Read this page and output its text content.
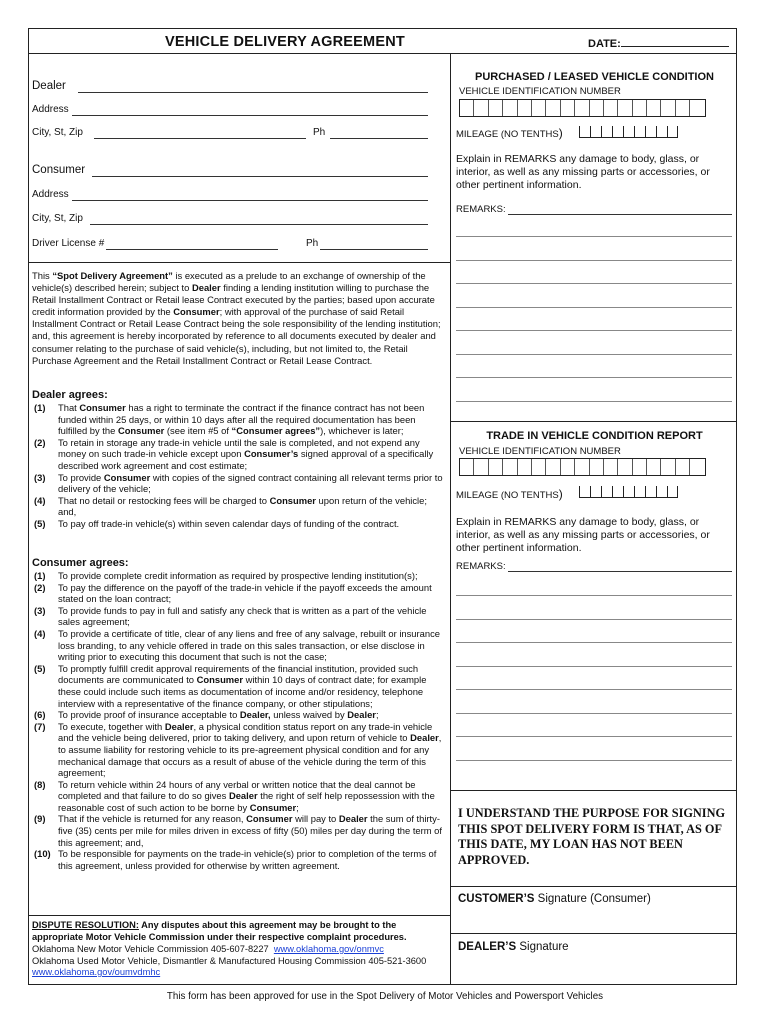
VEHICLE DELIVERY AGREEMENT	DATE:
Dealer
Address
City, St, Zip	Ph
Consumer
Address
City, St, Zip
Driver License #	Ph
This “Spot Delivery Agreement” is executed as a prelude to an exchange of ownership of the vehicle(s) described herein; subject to Dealer finding a lending institution willing to purchase the Retail Installment Contract or Retail lease Contract executed by the parties; based upon accurate credit information provided by the Consumer; with approval of the purchase of said Retail Installment Contract or Retail Lease Contract being the sole responsibility of the lending institution; and, this agreement is hereby incorporated by reference to all documents executed by dealer and consumer relating to the purchase of said vehicle(s), including, but not limited to, the Retail Purchase Agreement and the Retail Installment Contract or Retail Lease Contract.
Dealer agrees:
(1) That Consumer has a right to terminate the contract if the finance contract has not been funded within 25 days, or within 10 days after all the required documentation has been fulfilled by the Consumer (see item #5 of “Consumer agrees”), whichever is later;
(2) To retain in storage any trade-in vehicle until the sale is completed, and not expend any money on such trade-in vehicle except upon Consumer’s signed approval of a specifically described work agreement and cost estimate;
(3) To provide Consumer with copies of the signed contract containing all relevant terms prior to delivery of the vehicle;
(4) That no detail or restocking fees will be charged to Consumer upon return of the vehicle; and,
(5) To pay off trade-in vehicle(s) within seven calendar days of funding of the contract.
Consumer agrees:
(1) To provide complete credit information as required by prospective lending institution(s);
(2) To pay the difference on the payoff of the trade-in vehicle if the payoff exceeds the amount stated on the loan contract;
(3) To provide funds to pay in full and satisfy any check that is written as a part of the vehicle sales agreement;
(4) To provide a certificate of title, clear of any liens and free of any salvage, rebuilt or insurance loss branding, to any vehicle offered in trade on this sales transaction, or else disclose in writing prior to executing this document that such is not the case;
(5) To promptly fulfill credit approval requirements of the financial institution, provided such documents are communicated to Consumer within 10 days of contract date; for example these could include such items as documentation of income and/or residency, telephone interview with a representative of the finance company, or other stipulations;
(6) To provide proof of insurance acceptable to Dealer, unless waived by Dealer;
(7) To execute, together with Dealer, a physical condition status report on any trade-in vehicle and the vehicle being delivered, prior to taking delivery, and upon return of vehicle to Dealer, to assume liability for restoring vehicle to its pre-agreement physical condition and for any mechanical damage that occurs as a result of abuse of the vehicle during the term of this agreement;
(8) To return vehicle within 24 hours of any verbal or written notice that the deal cannot be completed and that failure to do so gives Dealer the right of self help repossession with the reasonable cost of such action to be borne by Consumer;
(9) That if the vehicle is returned for any reason, Consumer will pay to Dealer the sum of thirty-five (35) cents per mile for miles driven in excess of fifty (50) miles per day during the term of this agreement; and,
(10) To be responsible for payments on the trade-in vehicle(s) prior to completion of the terms of this agreement, unless provided for otherwise by written agreement.
DISPUTE RESOLUTION: Any disputes about this agreement may be brought to the appropriate Motor Vehicle Commission under their respective complaint procedures.
Oklahoma New Motor Vehicle Commission 405-607-8227 www.oklahoma.gov/onmvc
Oklahoma Used Motor Vehicle, Dismantler & Manufactured Housing Commission 405-521-3600
www.oklahoma.gov/oumvdmhc
PURCHASED / LEASED VEHICLE CONDITION
VEHICLE IDENTIFICATION NUMBER
MILEAGE (NO TENTHS)
Explain in REMARKS any damage to body, glass, or interior, as well as any missing parts or accessories, or other pertinent information.
REMARKS:
TRADE IN VEHICLE CONDITION REPORT
VEHICLE IDENTIFICATION NUMBER
MILEAGE (NO TENTHS)
Explain in REMARKS any damage to body, glass, or interior, as well as any missing parts or accessories, or other pertinent information.
REMARKS:
I UNDERSTAND THE PURPOSE FOR SIGNING THIS SPOT DELIVERY FORM IS THAT, AS OF THIS DATE, MY LOAN HAS NOT BEEN APPROVED.
CUSTOMER’S Signature (Consumer)
DEALER’S Signature
This form has been approved for use in the Spot Delivery of Motor Vehicles and Powersport Vehicles
